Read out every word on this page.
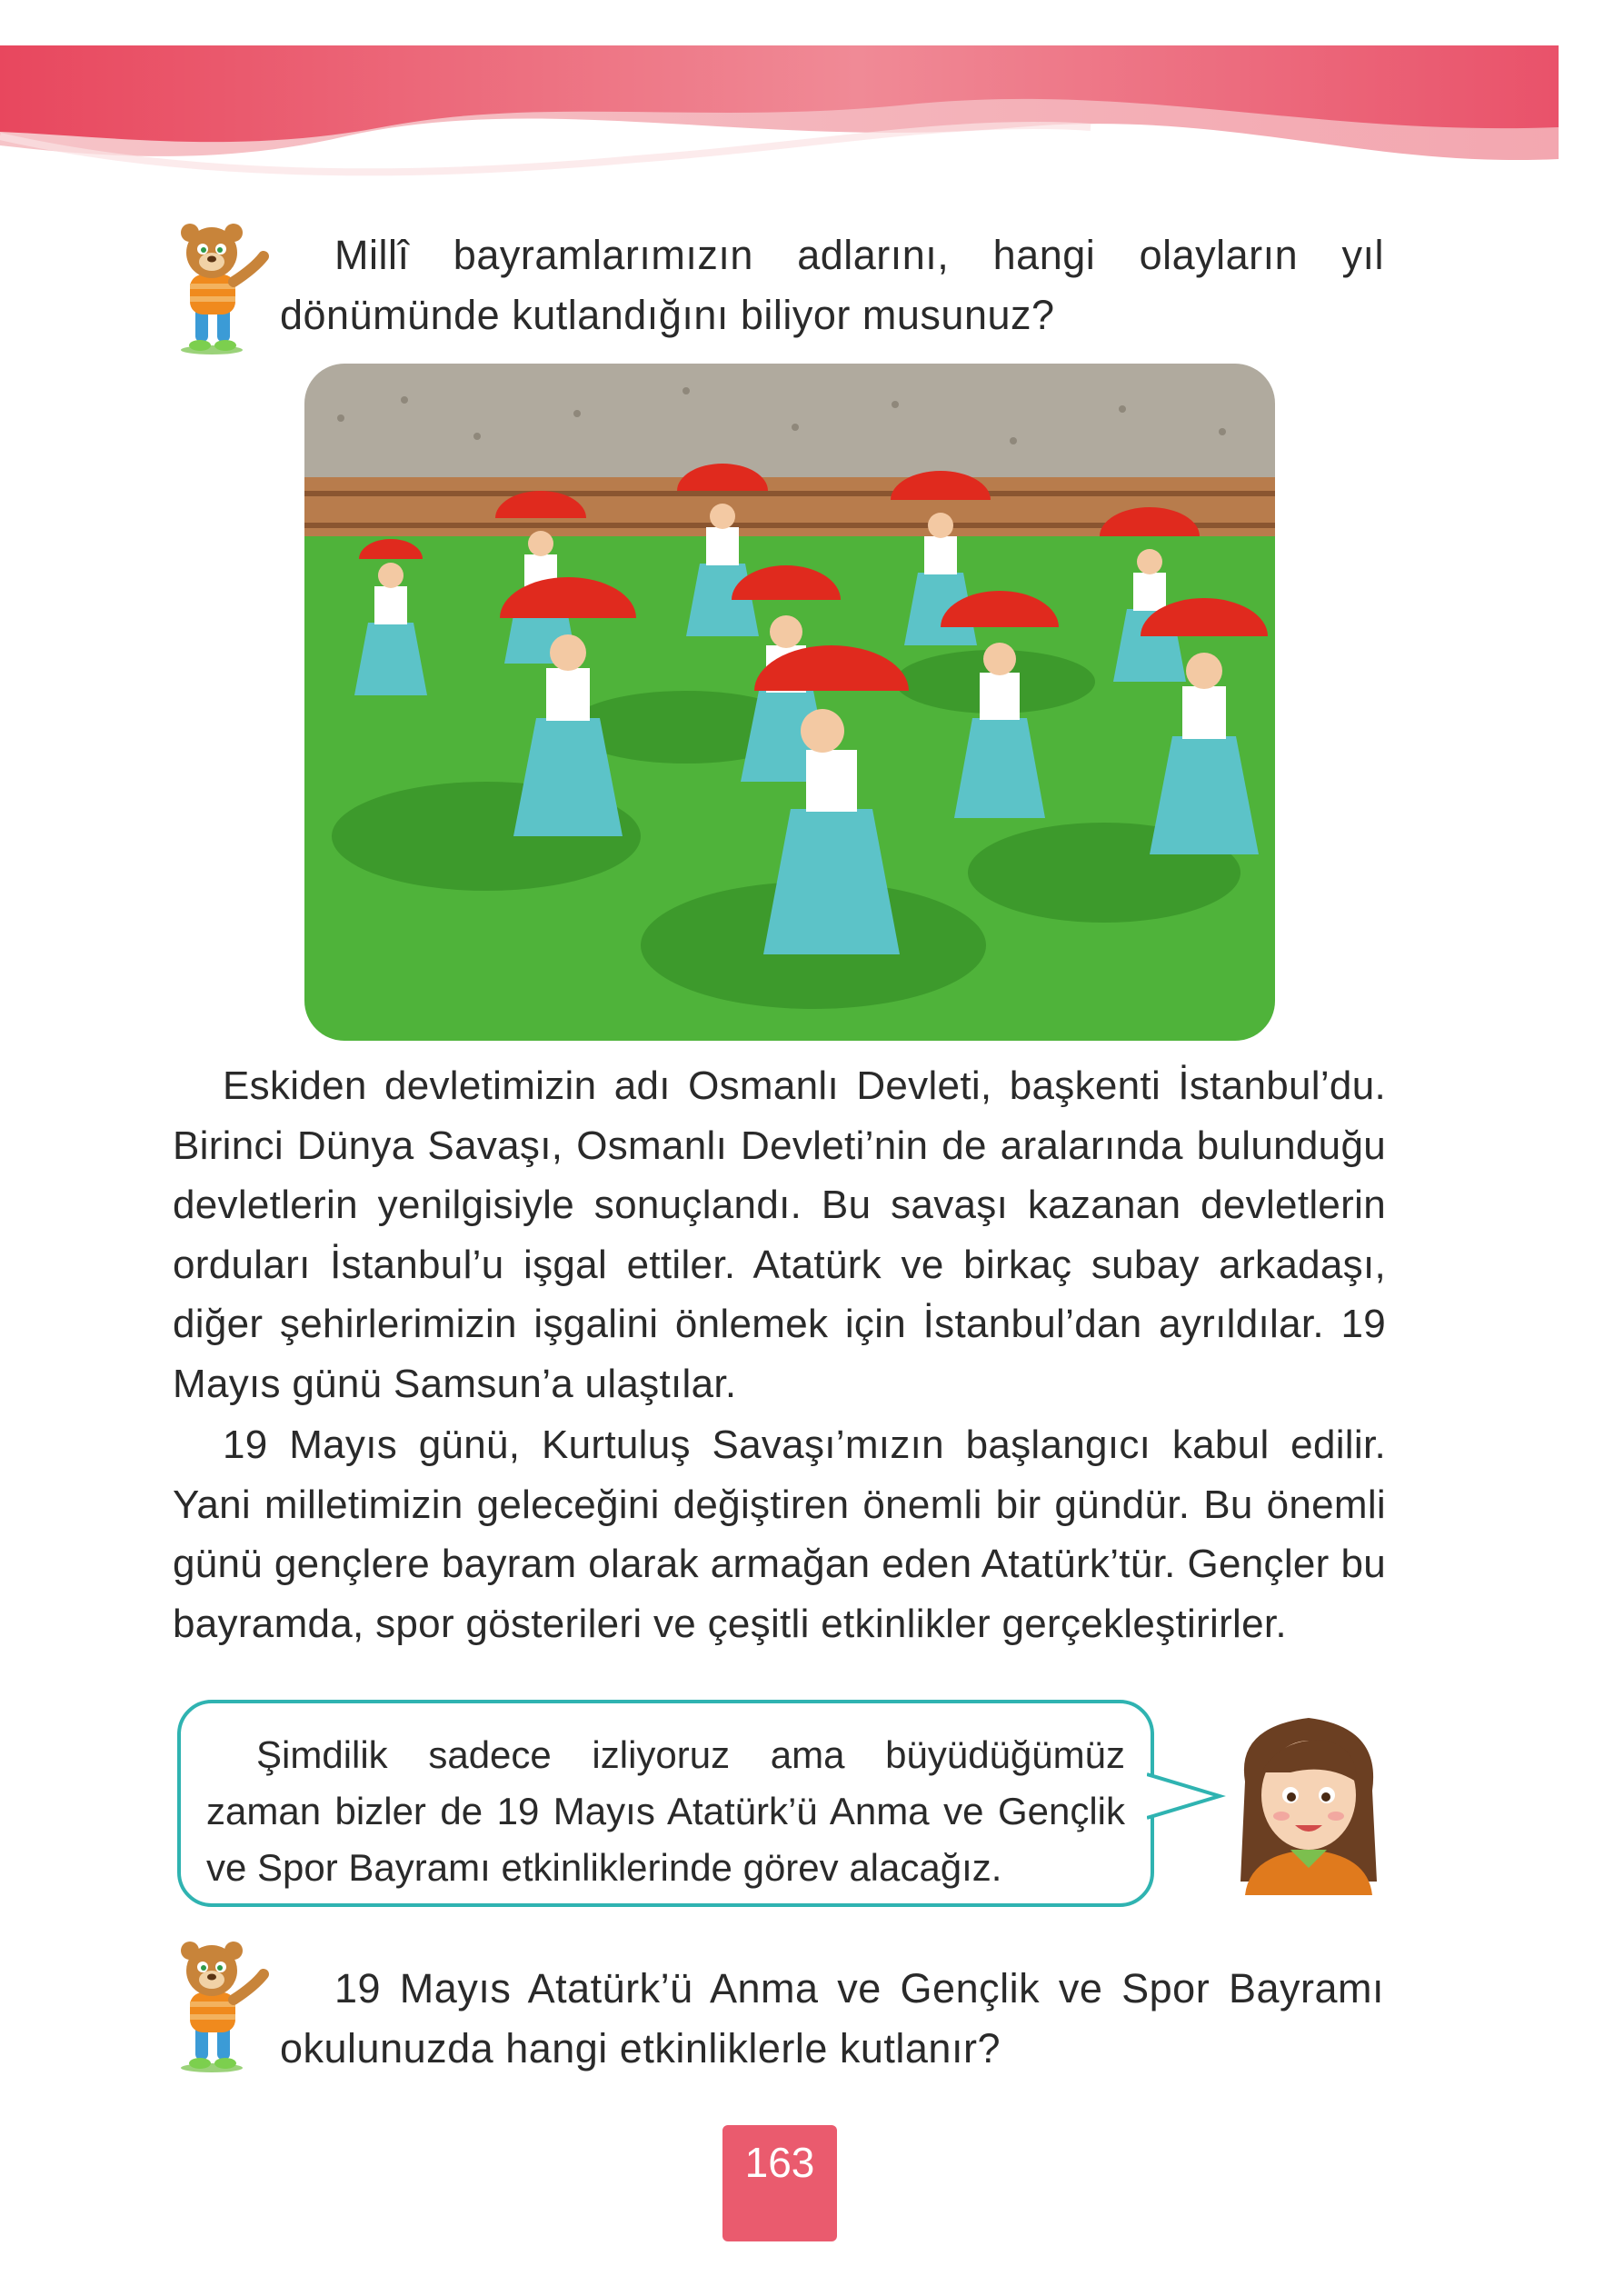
Millî bayramlarımızın adlarını, hangi olayların yıl dönümünde kutlandığını biliyor musunuz?

Eskiden devletimizin adı Osmanlı Devleti, başkenti İstanbul’du. Birinci Dünya Savaşı, Osmanlı Devleti’nin de aralarında bulunduğu devletlerin yenilgisiyle sonuçlandı. Bu savaşı kazanan devletlerin orduları İstanbul’u işgal ettiler. Atatürk ve birkaç subay arkadaşı, diğer şehirlerimizin işgalini önlemek için İstanbul’dan ayrıldılar. 19 Mayıs günü Samsun’a ulaştılar.

19 Mayıs günü, Kurtuluş Savaşı’mızın başlangıcı kabul edilir. Yani milletimizin geleceğini değiştiren önemli bir gündür. Bu önemli günü gençlere bayram olarak armağan eden Atatürk’tür. Gençler bu bayramda, spor gösterileri ve çeşitli etkinlikler gerçekleştirirler.

Şimdilik sadece izliyoruz ama büyüdüğümüz zaman bizler de 19 Mayıs Atatürk’ü Anma ve Gençlik ve Spor Bayramı etkinliklerinde görev alacağız.

19 Mayıs Atatürk’ü Anma ve Gençlik ve Spor Bayramı okulunuzda hangi etkinliklerle kutlanır?

163
